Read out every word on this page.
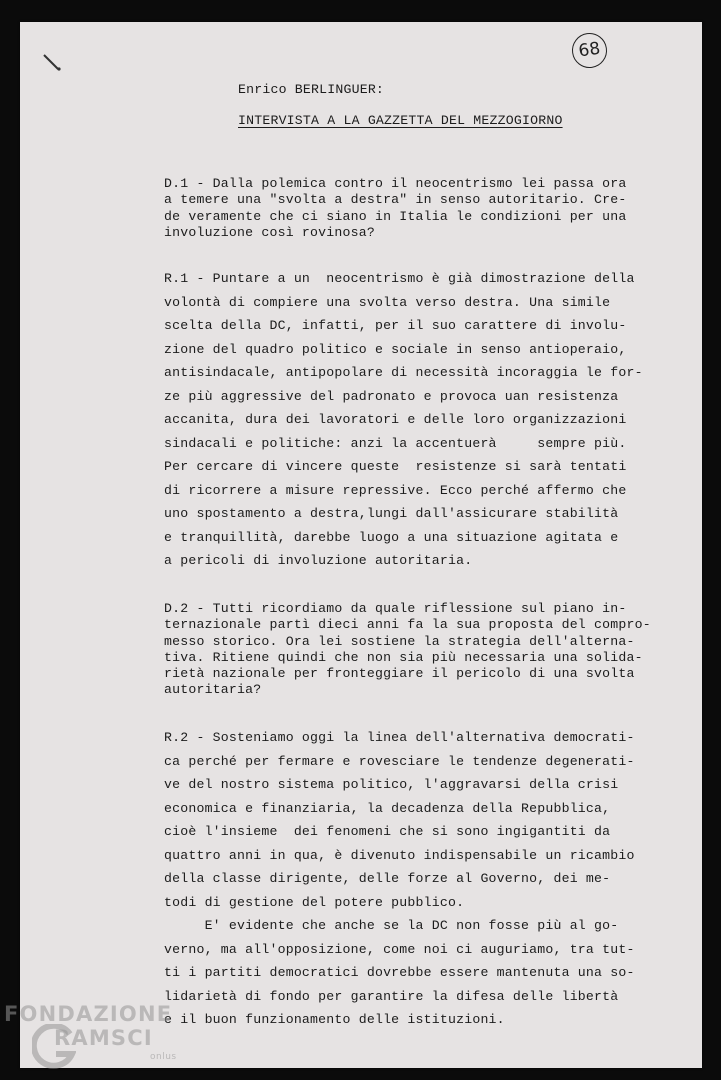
68
Enrico BERLINGUER:
INTERVISTA A LA GAZZETTA DEL MEZZOGIORNO
D.1 - Dalla polemica contro il neocentrismo lei passa ora
a temere una "svolta a destra" in senso autoritario. Cre-
de veramente che ci siano in Italia le condizioni per una
involuzione così rovinosa?
R.1 - Puntare a un  neocentrismo è già dimostrazione della
volontà di compiere una svolta verso destra. Una simile
scelta della DC, infatti, per il suo carattere di involu-
zione del quadro politico e sociale in senso antioperaio,
antisindacale, antipopolare di necessità incoraggia le for-
ze più aggressive del padronato e provoca uan resistenza
accanita, dura dei lavoratori e delle loro organizzazioni
sindacali e politiche: anzi la accentuerà     sempre più.
Per cercare di vincere queste  resistenze si sarà tentati
di ricorrere a misure repressive. Ecco perché affermo che
uno spostamento a destra,lungi dall'assicurare stabilità
e tranquillità, darebbe luogo a una situazione agitata e
a pericoli di involuzione autoritaria.
D.2 - Tutti ricordiamo da quale riflessione sul piano in-
ternazionale partì dieci anni fa la sua proposta del compro-
messo storico. Ora lei sostiene la strategia dell'alterna-
tiva. Ritiene quindi che non sia più necessaria una solida-
rietà nazionale per fronteggiare il pericolo di una svolta
autoritaria?
R.2 - Sosteniamo oggi la linea dell'alternativa democrati-
ca perché per fermare e rovesciare le tendenze degenerati-
ve del nostro sistema politico, l'aggravarsi della crisi
economica e finanziaria, la decadenza della Repubblica,
cioè l'insieme  dei fenomeni che si sono ingigantiti da
quattro anni in qua, è divenuto indispensabile un ricambio
della classe dirigente, delle forze al Governo, dei me-
todi di gestione del potere pubblico.
E' evidente che anche se la DC non fosse più al go-
verno, ma all'opposizione, come noi ci auguriamo, tra tut-
ti i partiti democratici dovrebbe essere mantenuta una so-
lidarietà di fondo per garantire la difesa delle libertà
e il buon funzionamento delle istituzioni.
FONDAZIONE
RAMSCI
onlus
